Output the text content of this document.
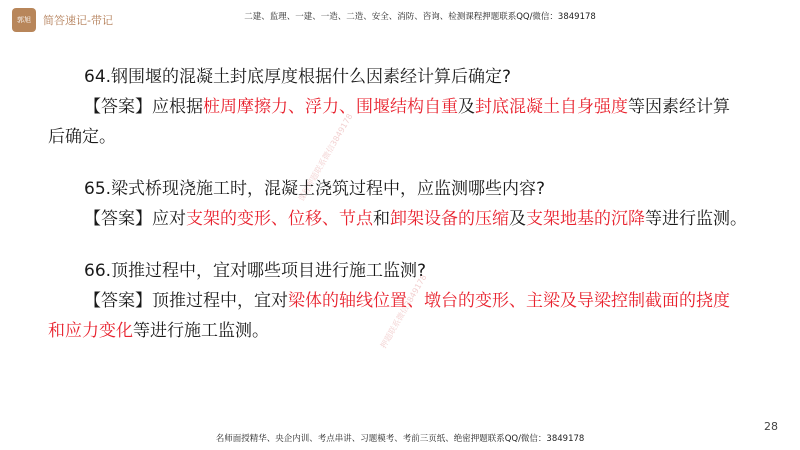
郭旭	简答速记-带记	二建、监理、一建、一造、二造、安全、消防、咨询、检测课程押题联系QQ/微信：3849178
课程押题联系微信3849178
押题联系微信3849178
64.钢围堰的混凝土封底厚度根据什么因素经计算后确定?
【答案】应根据桩周摩擦力、浮力、围堰结构自重及封底混凝土自身强度等因素经计算
后确定。
65.梁式桥现浇施工时，混凝土浇筑过程中，应监测哪些内容?
【答案】应对支架的变形、位移、节点和卸架设备的压缩及支架地基的沉降等进行监测。
66.顶推过程中，宜对哪些项目进行施工监测?
【答案】顶推过程中，宜对梁体的轴线位置、墩台的变形、主梁及导梁控制截面的挠度
和应力变化等进行施工监测。
28
名师面授精华、央企内训、考点串讲、习题模考、考前三页纸、绝密押题联系QQ/微信：3849178
